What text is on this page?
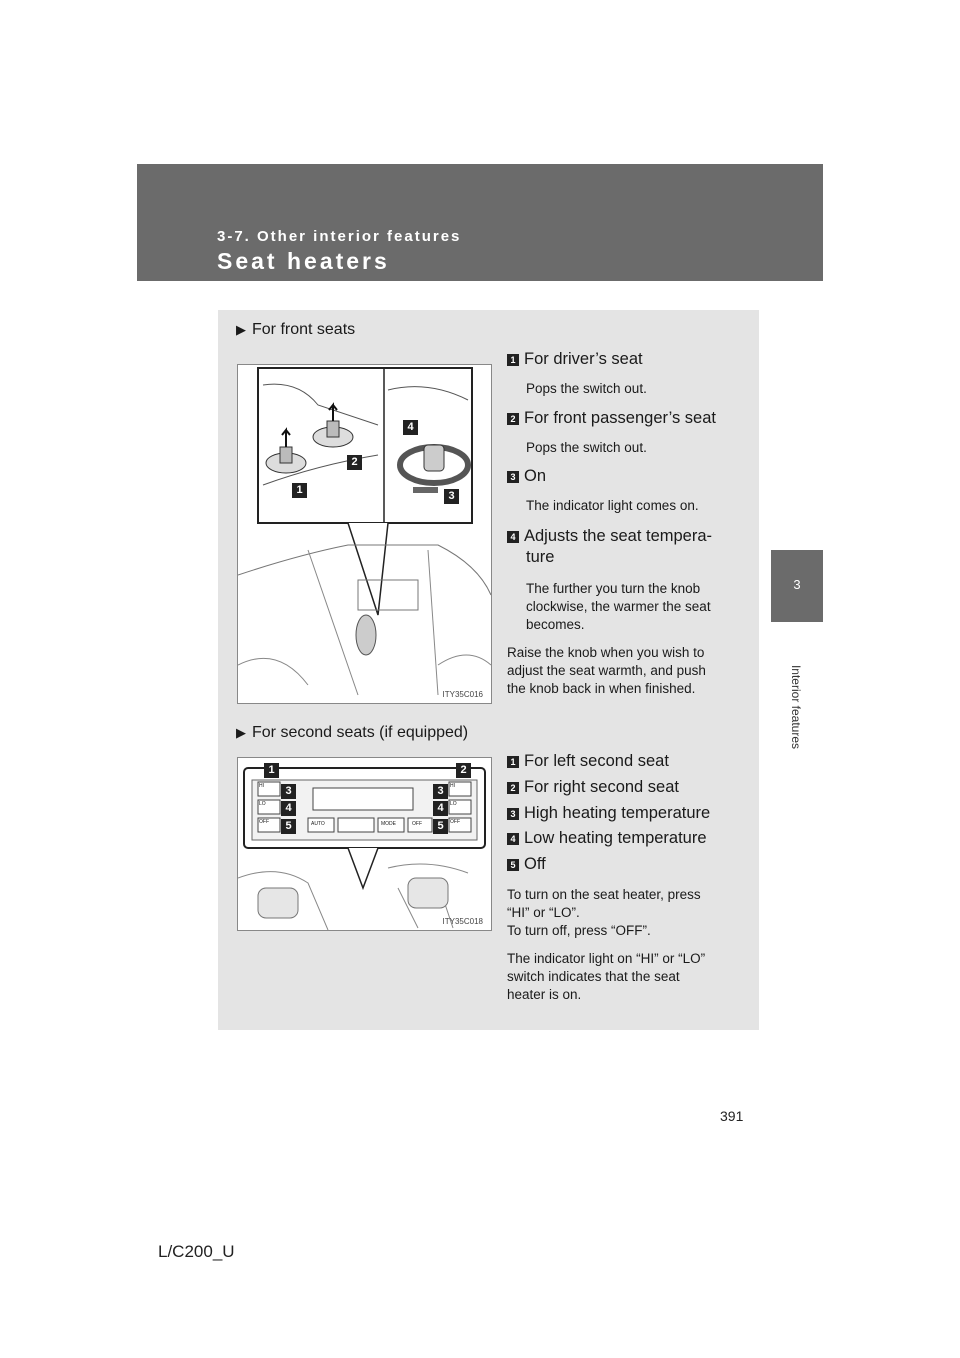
3-7. Other interior features
Seat heaters
3
Interior features
▶ For front seats
1
2
3
4
ITY35C016
1 For driver’s seat
Pops the switch out.
2 For front passenger’s seat
Pops the switch out.
3 On
The indicator light comes on.
4 Adjusts the seat tempera-
ture
The further you turn the knob
clockwise, the warmer the seat
becomes.
Raise the knob when you wish to
adjust the seat warmth, and push
the knob back in when finished.
▶ For second seats (if equipped)
HI
LO
OFF
HI
LO
OFF
AUTO	MODE	OFF
1	2
3
4
5
3
4
5
ITY35C018
1 For left second seat
2 For right second seat
3 High heating temperature
4 Low heating temperature
5 Off
To turn on the seat heater, press
“HI” or “LO”.
To turn off, press “OFF”.
The indicator light on “HI” or “LO”
switch indicates that the seat
heater is on.
391
L/C200_U
